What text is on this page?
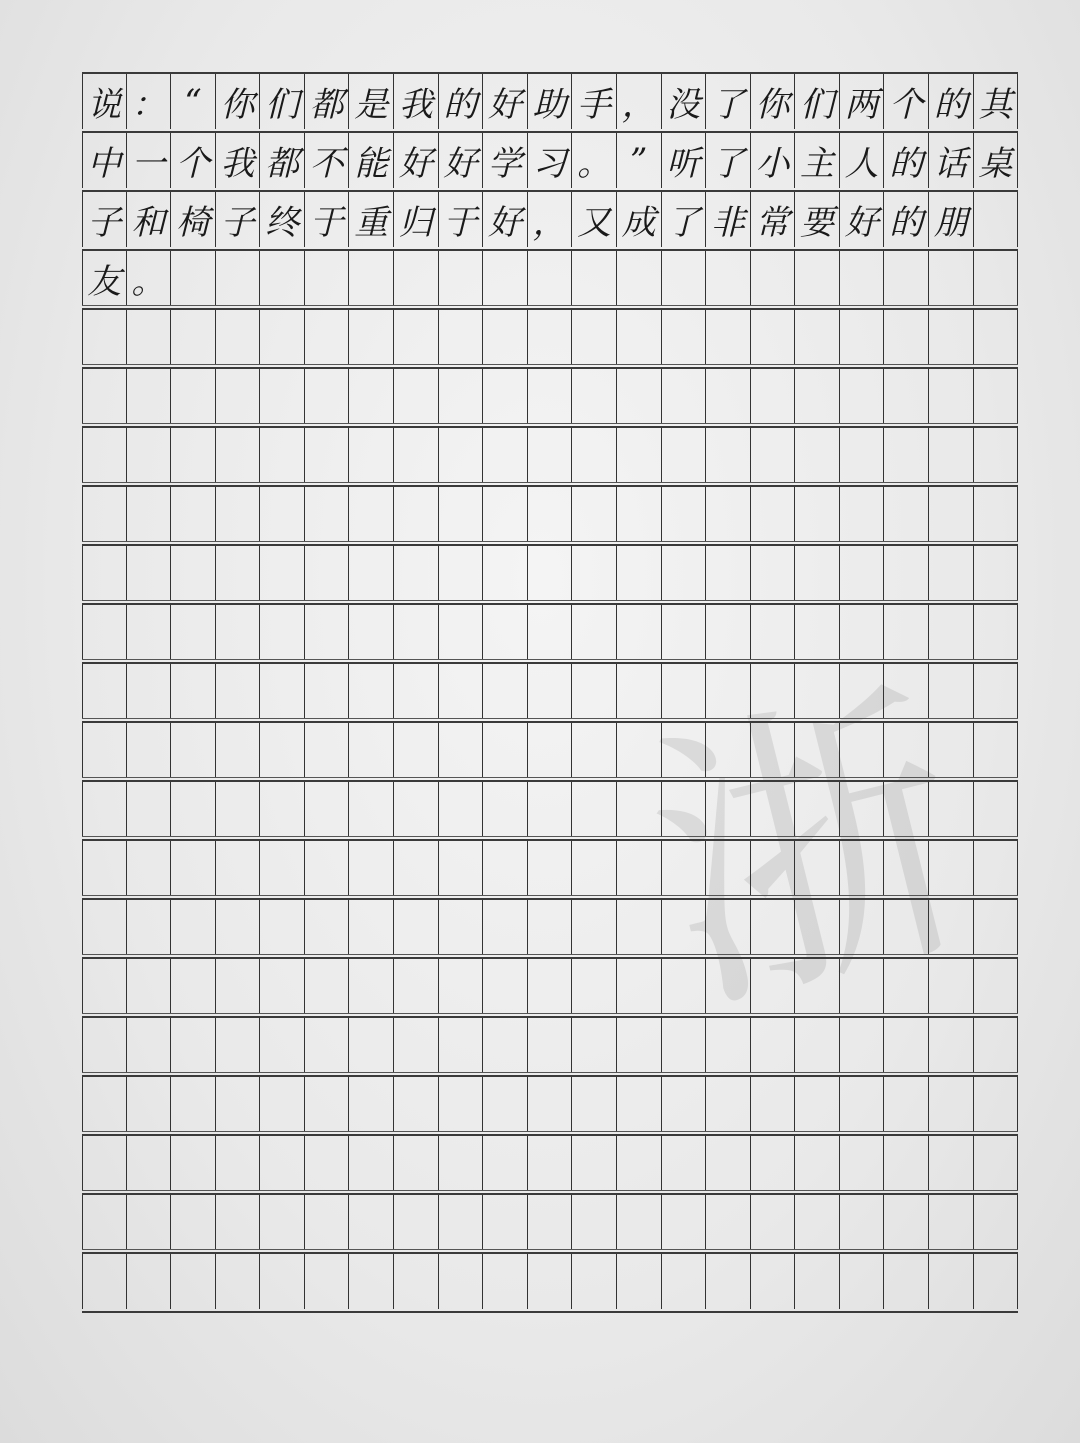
浙
说 ： “ 你 们 都 是 我 的 好 助 手 ， 没 了 你 们 两 个 的 其
中 一 个 我 都 不 能 好 好 学 习 。 ” 听 了 小 主 人 的 话 桌
子 和 椅 子 终 于 重 归 于 好 ， 又 成 了 非 常 要 好 的 朋
友 。
